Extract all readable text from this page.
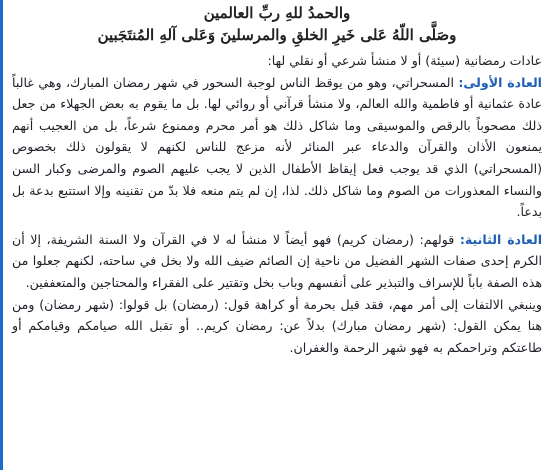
والحمدُ للهِ ربِّ العالمين
وصَلَّى اللّهُ عَلى خَيرِ الخلقِ والمرسلينَ وَعَلى آلهِ المُنتَجَبين

عادات رمضانية (سيئة) أو لا منشأ شرعي أو نقلي لها:

العادة الأولى: المسحراتي، وهو من يوقظ الناس لوجبة السحور في شهر رمضان المبارك، وهي غالباً عادة عثمانية أو فاطمية والله العالم، ولا منشأ قرآني أو روائي لها. بل ما يقوم به بعض الجهلاء من جعل ذلك مصحوباً بالرقص والموسيقى وما شاكل ذلك هو أمر محرم وممنوع شرعاً، بل من العجيب أنهم يمنعون الأذان والقرآن والدعاء عبر المنائر لأنه مزعج للناس لكنهم لا يقولون ذلك بخصوص (المسحراتي) الذي قد يوجب فعل إيقاظ الأطفال الذين لا يجب عليهم الصوم والمرضى وكبار السن والنساء المعذورات من الصوم وما شاكل ذلك. لذا، إن لم يتم منعه فلا بدّ من تقنينه وإلا استتبع بدعة بل بدعاً.

العادة الثانية: قولهم: (رمضان كريم) فهو أيضاً لا منشأ له لا في القرآن ولا السنة الشريفة، إلا أن الكرم إحدى صفات الشهر الفضيل من ناحية إن الصائم ضيف الله ولا بخل في ساحته، لكنهم جعلوا من هذه الصفة باباً للإسراف والتبذير على أنفسهم وباب بخل وتقتير على الفقراء والمحتاجين والمتعففين.

وينبغي الالتفات إلى أمر مهم، فقد قيل بحرمة أو كراهة قول: (رمضان) بل قولوا: (شهر رمضان) ومن هنا يمكن القول: (شهر رمضان مبارك) بدلاً عن: رمضان كريم.. أو تقبل الله صيامكم وقيامكم أو طاعتكم وتراحمكم به فهو شهر الرحمة والغفران.
